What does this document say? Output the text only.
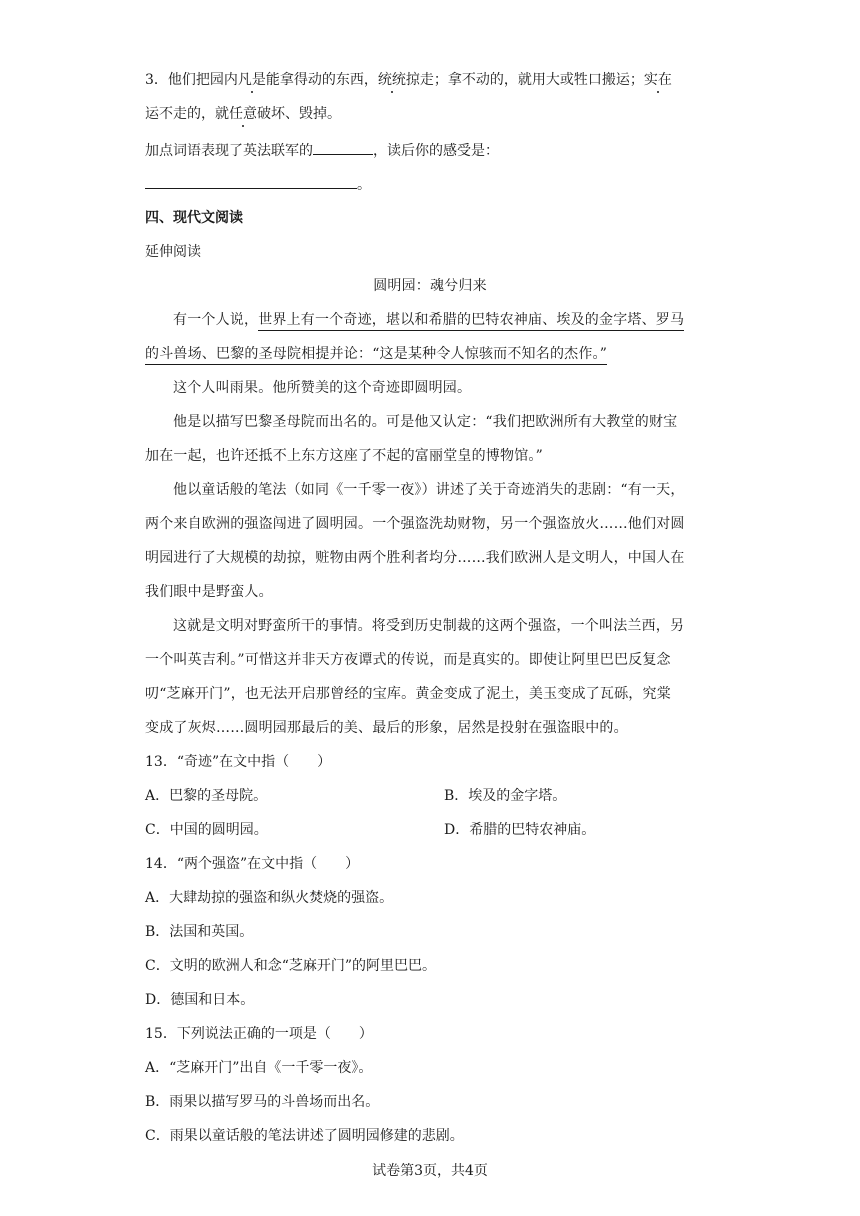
3．他们把园内凡是能拿得动的东西，统统掠走；拿不动的，就用大或牲口搬运；实在
运不走的，就任意破坏、毁掉。
加点词语表现了英法联军的	，读后你的感受是：
。
四、现代文阅读
延伸阅读
圆明园：魂兮归来
有一个人说，世界上有一个奇迹，堪以和希腊的巴特农神庙、埃及的金字塔、罗马
的斗兽场、巴黎的圣母院相提并论：“这是某种令人惊骇而不知名的杰作。”
这个人叫雨果。他所赞美的这个奇迹即圆明园。
他是以描写巴黎圣母院而出名的。可是他又认定：“我们把欧洲所有大教堂的财宝
加在一起，也许还抵不上东方这座了不起的富丽堂皇的博物馆。”
他以童话般的笔法（如同《一千零一夜》）讲述了关于奇迹消失的悲剧：“有一天，
两个来自欧洲的强盗闯进了圆明园。一个强盗洗劫财物，另一个强盗放火……他们对圆
明园进行了大规模的劫掠，赃物由两个胜利者均分……我们欧洲人是文明人，中国人在
我们眼中是野蛮人。
这就是文明对野蛮所干的事情。将受到历史制裁的这两个强盗，一个叫法兰西，另
一个叫英吉利。”可惜这并非天方夜谭式的传说，而是真实的。即使让阿里巴巴反复念
叨“芝麻开门”，也无法开启那曾经的宝库。黄金变成了泥土，美玉变成了瓦砾，究棠
变成了灰烬……圆明园那最后的美、最后的形象，居然是投射在强盗眼中的。
13．“奇迹”在文中指（　　）
A．巴黎的圣母院。	B．埃及的金字塔。
C．中国的圆明园。	D．希腊的巴特农神庙。
14．“两个强盗”在文中指（　　）
A．大肆劫掠的强盗和纵火焚烧的强盗。
B．法国和英国。
C．文明的欧洲人和念“芝麻开门”的阿里巴巴。
D．德国和日本。
15．下列说法正确的一项是（　　）
A．“芝麻开门”出自《一千零一夜》。
B．雨果以描写罗马的斗兽场而出名。
C．雨果以童话般的笔法讲述了圆明园修建的悲剧。
试卷第3页，共4页
